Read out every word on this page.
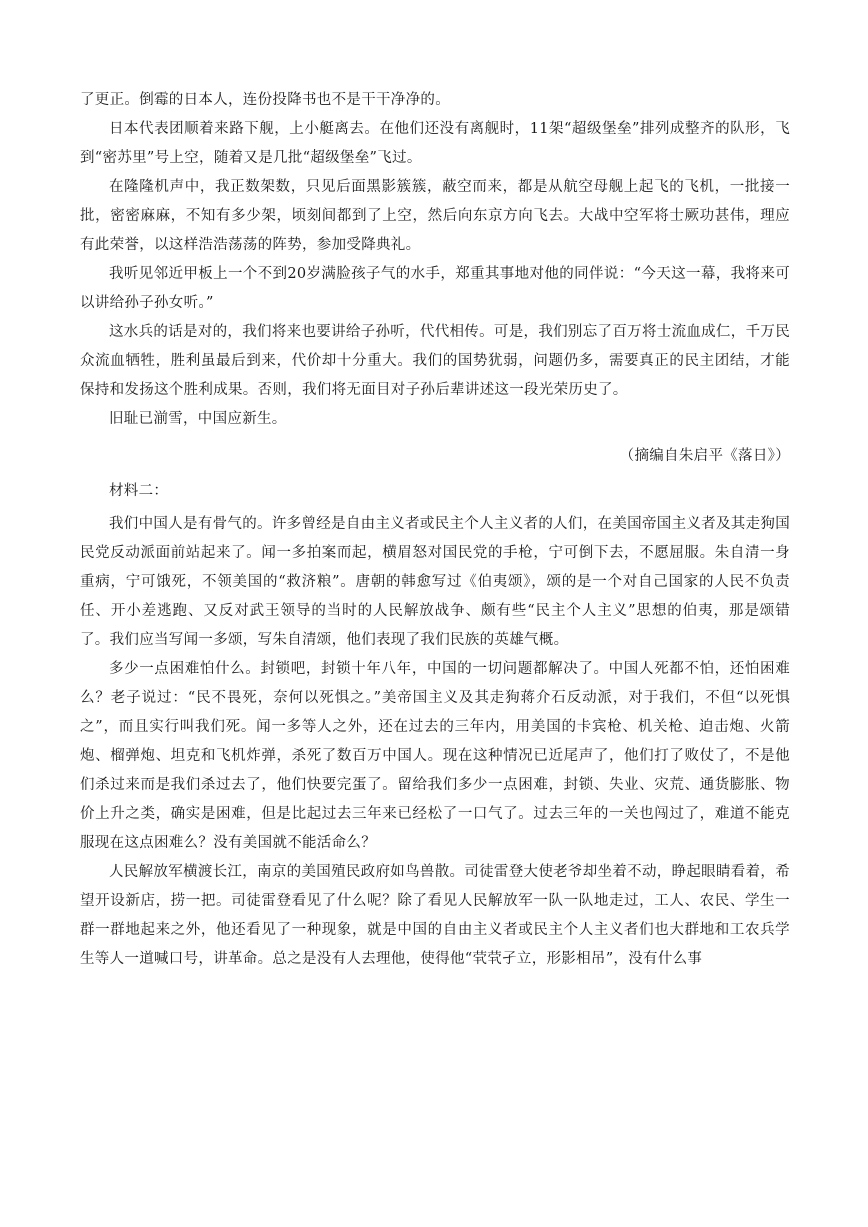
了更正。倒霉的日本人，连份投降书也不是干干净净的。

日本代表团顺着来路下舰，上小艇离去。在他们还没有离舰时，11架“超级堡垒”排列成整齐的队形，飞到“密苏里”号上空，随着又是几批“超级堡垒”飞过。

在隆隆机声中，我正数架数，只见后面黑影簇簇，蔽空而来，都是从航空母舰上起飞的飞机，一批接一批，密密麻麻，不知有多少架，顷刻间都到了上空，然后向东京方向飞去。大战中空军将士厥功甚伟，理应有此荣誉，以这样浩浩荡荡的阵势，参加受降典礼。

我听见邻近甲板上一个不到20岁满脸孩子气的水手，郑重其事地对他的同伴说：“今天这一幕，我将来可以讲给孙子孙女听。”

这水兵的话是对的，我们将来也要讲给子孙听，代代相传。可是，我们别忘了百万将士流血成仁，千万民众流血牺牲，胜利虽最后到来，代价却十分重大。我们的国势犹弱，问题仍多，需要真正的民主团结，才能保持和发扬这个胜利成果。否则，我们将无面目对子孙后辈讲述这一段光荣历史了。

旧耻已湔雪，中国应新生。

（摘编自朱启平《落日》）

材料二：

我们中国人是有骨气的。许多曾经是自由主义者或民主个人主义者的人们，在美国帝国主义者及其走狗国民党反动派面前站起来了。闻一多拍案而起，横眉怒对国民党的手枪，宁可倒下去，不愿屈服。朱自清一身重病，宁可饿死，不领美国的“救济粮”。唐朝的韩愈写过《伯夷颂》，颂的是一个对自己国家的人民不负责任、开小差逃跑、又反对武王领导的当时的人民解放战争、颇有些“民主个人主义”思想的伯夷，那是颂错了。我们应当写闻一多颂，写朱自清颂，他们表现了我们民族的英雄气概。

多少一点困难怕什么。封锁吧，封锁十年八年，中国的一切问题都解决了。中国人死都不怕，还怕困难么？老子说过：“民不畏死，奈何以死惧之。”美帝国主义及其走狗蒋介石反动派，对于我们，不但“以死惧之”，而且实行叫我们死。闻一多等人之外，还在过去的三年内，用美国的卡宾枪、机关枪、迫击炮、火箭炮、榴弹炮、坦克和飞机炸弹，杀死了数百万中国人。现在这种情况已近尾声了，他们打了败仗了，不是他们杀过来而是我们杀过去了，他们快要完蛋了。留给我们多少一点困难，封锁、失业、灾荒、通货膨胀、物价上升之类，确实是困难，但是比起过去三年来已经松了一口气了。过去三年的一关也闯过了，难道不能克服现在这点困难么？没有美国就不能活命么？

人民解放军横渡长江，南京的美国殖民政府如鸟兽散。司徒雷登大使老爷却坐着不动，睁起眼睛看着，希望开设新店，捞一把。司徒雷登看见了什么呢？除了看见人民解放军一队一队地走过，工人、农民、学生一群一群地起来之外，他还看见了一种现象，就是中国的自由主义者或民主个人主义者们也大群地和工农兵学生等人一道喊口号，讲革命。总之是没有人去理他，使得他“茕茕孑立，形影相吊”，没有什么事
